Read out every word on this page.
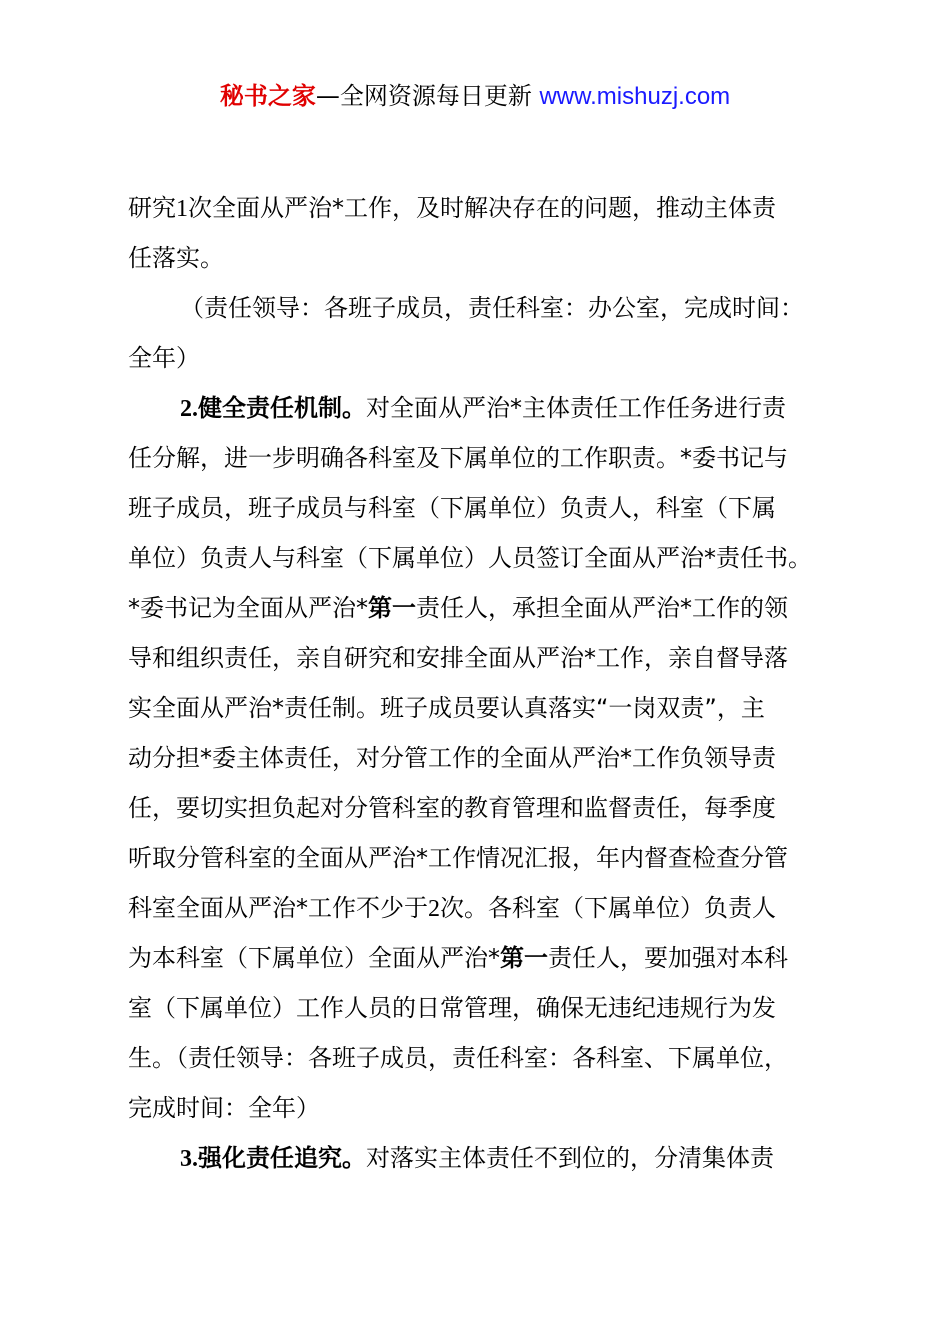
秘书之家—全网资源每日更新 www.mishuzj.com
研究1次全面从严治*工作，及时解决存在的问题，推动主体责
任落实。
（责任领导：各班子成员，责任科室：办公室，完成时间：
全年）
2.健全责任机制。对全面从严治*主体责任工作任务进行责
任分解，进一步明确各科室及下属单位的工作职责。*委书记与
班子成员，班子成员与科室（下属单位）负责人，科室（下属
单位）负责人与科室（下属单位）人员签订全面从严治*责任书。
*委书记为全面从严治*第一责任人，承担全面从严治*工作的领
导和组织责任，亲自研究和安排全面从严治*工作，亲自督导落
实全面从严治*责任制。班子成员要认真落实“一岗双责”，主
动分担*委主体责任，对分管工作的全面从严治*工作负领导责
任，要切实担负起对分管科室的教育管理和监督责任，每季度
听取分管科室的全面从严治*工作情况汇报，年内督查检查分管
科室全面从严治*工作不少于2次。各科室（下属单位）负责人
为本科室（下属单位）全面从严治*第一责任人，要加强对本科
室（下属单位）工作人员的日常管理，确保无违纪违规行为发
生。（责任领导：各班子成员，责任科室：各科室、下属单位，
完成时间：全年）
3.强化责任追究。对落实主体责任不到位的，分清集体责
